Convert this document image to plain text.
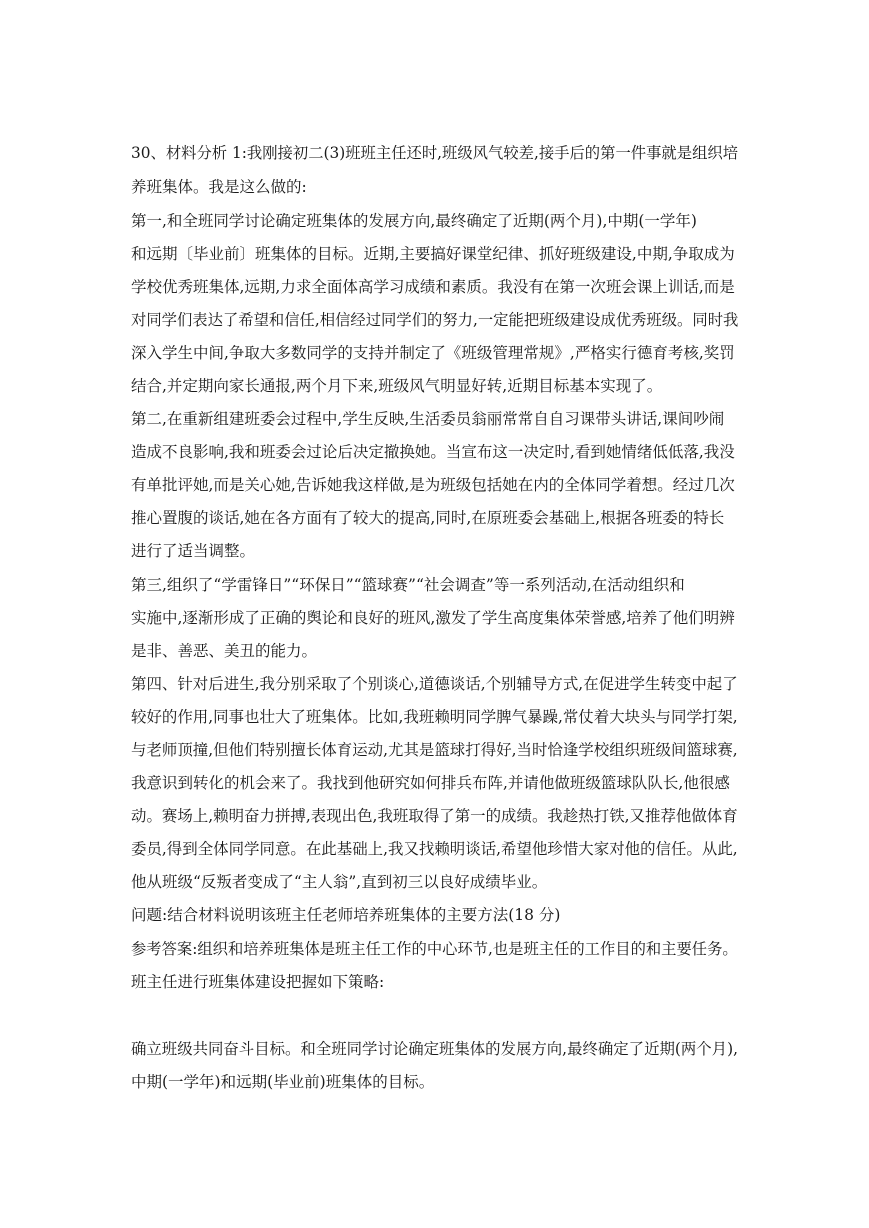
30、材料分析 1:我刚接初二(3)班班主任还时,班级风气较差,接手后的第一件事就是组织培
养班集体。我是这么做的:
第一,和全班同学讨论确定班集体的发展方向,最终确定了近期(两个月),中期(一学年)
和远期〔毕业前〕班集体的目标。近期,主要搞好课堂纪律、抓好班级建设,中期,争取成为
学校优秀班集体,远期,力求全面体高学习成绩和素质。我没有在第一次班会课上训话,而是
对同学们表达了希望和信任,相信经过同学们的努力,一定能把班级建设成优秀班级。同时我
深入学生中间,争取大多数同学的支持并制定了《班级管理常规》,严格实行德育考核,奖罚
结合,并定期向家长通报,两个月下来,班级风气明显好转,近期目标基本实现了。
第二,在重新组建班委会过程中,学生反映,生活委员翁丽常常自自习课带头讲话,课间吵闹
造成不良影响,我和班委会过论后决定撤换她。当宣布这一决定时,看到她情绪低低落,我没
有单批评她,而是关心她,告诉她我这样做,是为班级包括她在内的全体同学着想。经过几次
推心置腹的谈话,她在各方面有了较大的提高,同时,在原班委会基础上,根据各班委的特长
进行了适当调整。
第三,组织了“学雷锋日”“环保日”“篮球赛”“社会调查”等一系列活动,在活动组织和
实施中,逐渐形成了正确的舆论和良好的班风,激发了学生高度集体荣誉感,培养了他们明辨
是非、善恶、美丑的能力。
第四、针对后进生,我分别采取了个别谈心,道德谈话,个别辅导方式,在促进学生转变中起了
较好的作用,同事也壮大了班集体。比如,我班赖明同学脾气暴躁,常仗着大块头与同学打架,
与老师顶撞,但他们特别擅长体育运动,尤其是篮球打得好,当时恰逢学校组织班级间篮球赛,
我意识到转化的机会来了。我找到他研究如何排兵布阵,并请他做班级篮球队队长,他很感
动。赛场上,赖明奋力拼搏,表现出色,我班取得了第一的成绩。我趁热打铁,又推荐他做体育
委员,得到全体同学同意。在此基础上,我又找赖明谈话,希望他珍惜大家对他的信任。从此,
他从班级“反叛者变成了“主人翁”,直到初三以良好成绩毕业。
问题:结合材料说明该班主任老师培养班集体的主要方法(18 分)
参考答案:组织和培养班集体是班主任工作的中心环节,也是班主任的工作目的和主要任务。
班主任进行班集体建设把握如下策略:
确立班级共同奋斗目标。和全班同学讨论确定班集体的发展方向,最终确定了近期(两个月),
中期(一学年)和远期(毕业前)班集体的目标。
